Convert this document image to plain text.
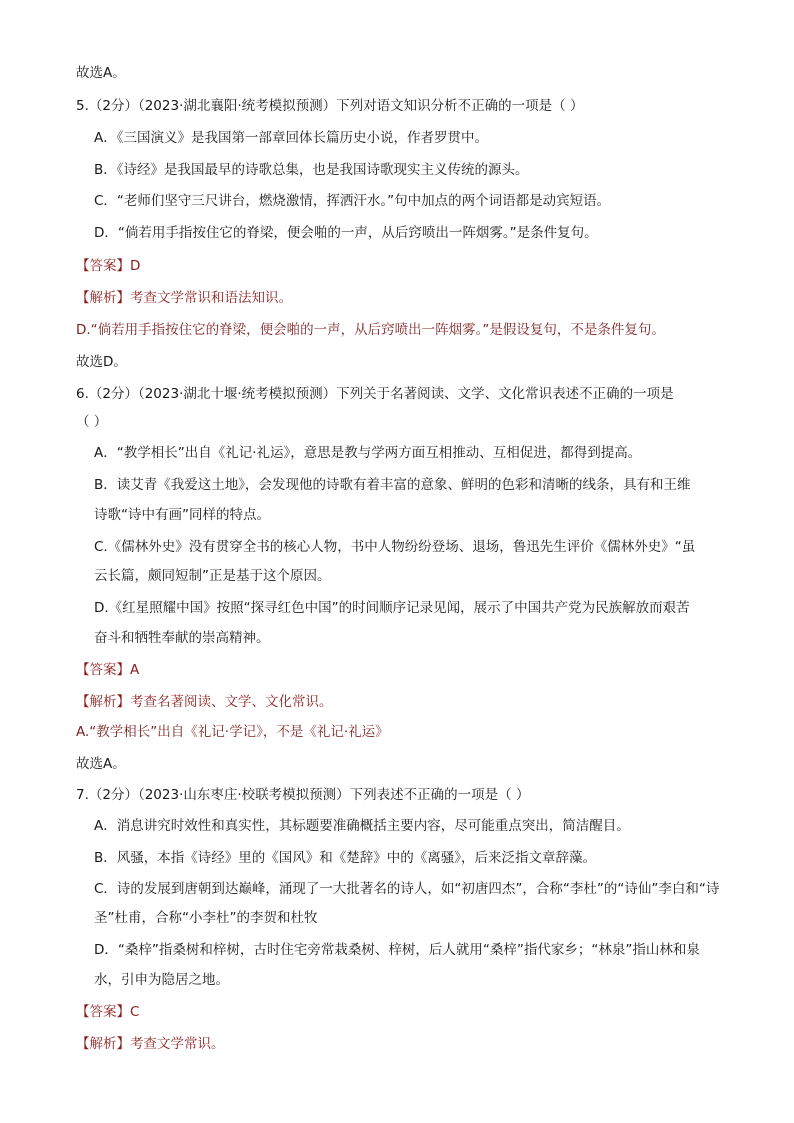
故选A。
5.（2分）（2023·湖北襄阳·统考模拟预测）下列对语文知识分析不正确的一项是（ ）
A．《三国演义》是我国第一部章回体长篇历史小说，作者罗贯中。
B．《诗经》是我国最早的诗歌总集，也是我国诗歌现实主义传统的源头。
C．“老师们坚守三尺讲台，燃烧激情，挥洒汗水。”句中加点的两个词语都是动宾短语。
D．“倘若用手指按住它的脊梁，便会啪的一声，从后窍喷出一阵烟雾。”是条件复句。
【答案】D
【解析】考查文学常识和语法知识。
D.“倘若用手指按住它的脊梁，便会啪的一声，从后窍喷出一阵烟雾。”是假设复句，不是条件复句。
故选D。
6.（2分）（2023·湖北十堰·统考模拟预测）下列关于名著阅读、文学、文化常识表述不正确的一项是
（ ）
A．“教学相长”出自《礼记·礼运》，意思是教与学两方面互相推动、互相促进，都得到提高。
B．读艾青《我爱这土地》，会发现他的诗歌有着丰富的意象、鲜明的色彩和清晰的线条，具有和王维
诗歌“诗中有画”同样的特点。
C.《儒林外史》没有贯穿全书的核心人物，书中人物纷纷登场、退场，鲁迅先生评价《儒林外史》“虽
云长篇，颇同短制”正是基于这个原因。
D.《红星照耀中国》按照“探寻红色中国”的时间顺序记录见闻，展示了中国共产党为民族解放而艰苦
奋斗和牺牲奉献的崇高精神。
【答案】A
【解析】考查名著阅读、文学、文化常识。
A.“教学相长”出自《礼记·学记》，不是《礼记·礼运》
故选A。
7.（2分）（2023·山东枣庄·校联考模拟预测）下列表述不正确的一项是（ ）
A．消息讲究时效性和真实性，其标题要准确概括主要内容，尽可能重点突出，简洁醒目。
B．风骚，本指《诗经》里的《国风》和《楚辞》中的《离骚》，后来泛指文章辞藻。
C．诗的发展到唐朝到达巅峰，涌现了一大批著名的诗人，如“初唐四杰”，合称“李杜”的“诗仙”李白和“诗
圣”杜甫，合称“小李杜”的李贺和杜牧
D．“桑梓”指桑树和梓树，古时住宅旁常栽桑树、梓树，后人就用“桑梓”指代家乡；“林泉”指山林和泉
水，引申为隐居之地。
【答案】C
【解析】考查文学常识。
